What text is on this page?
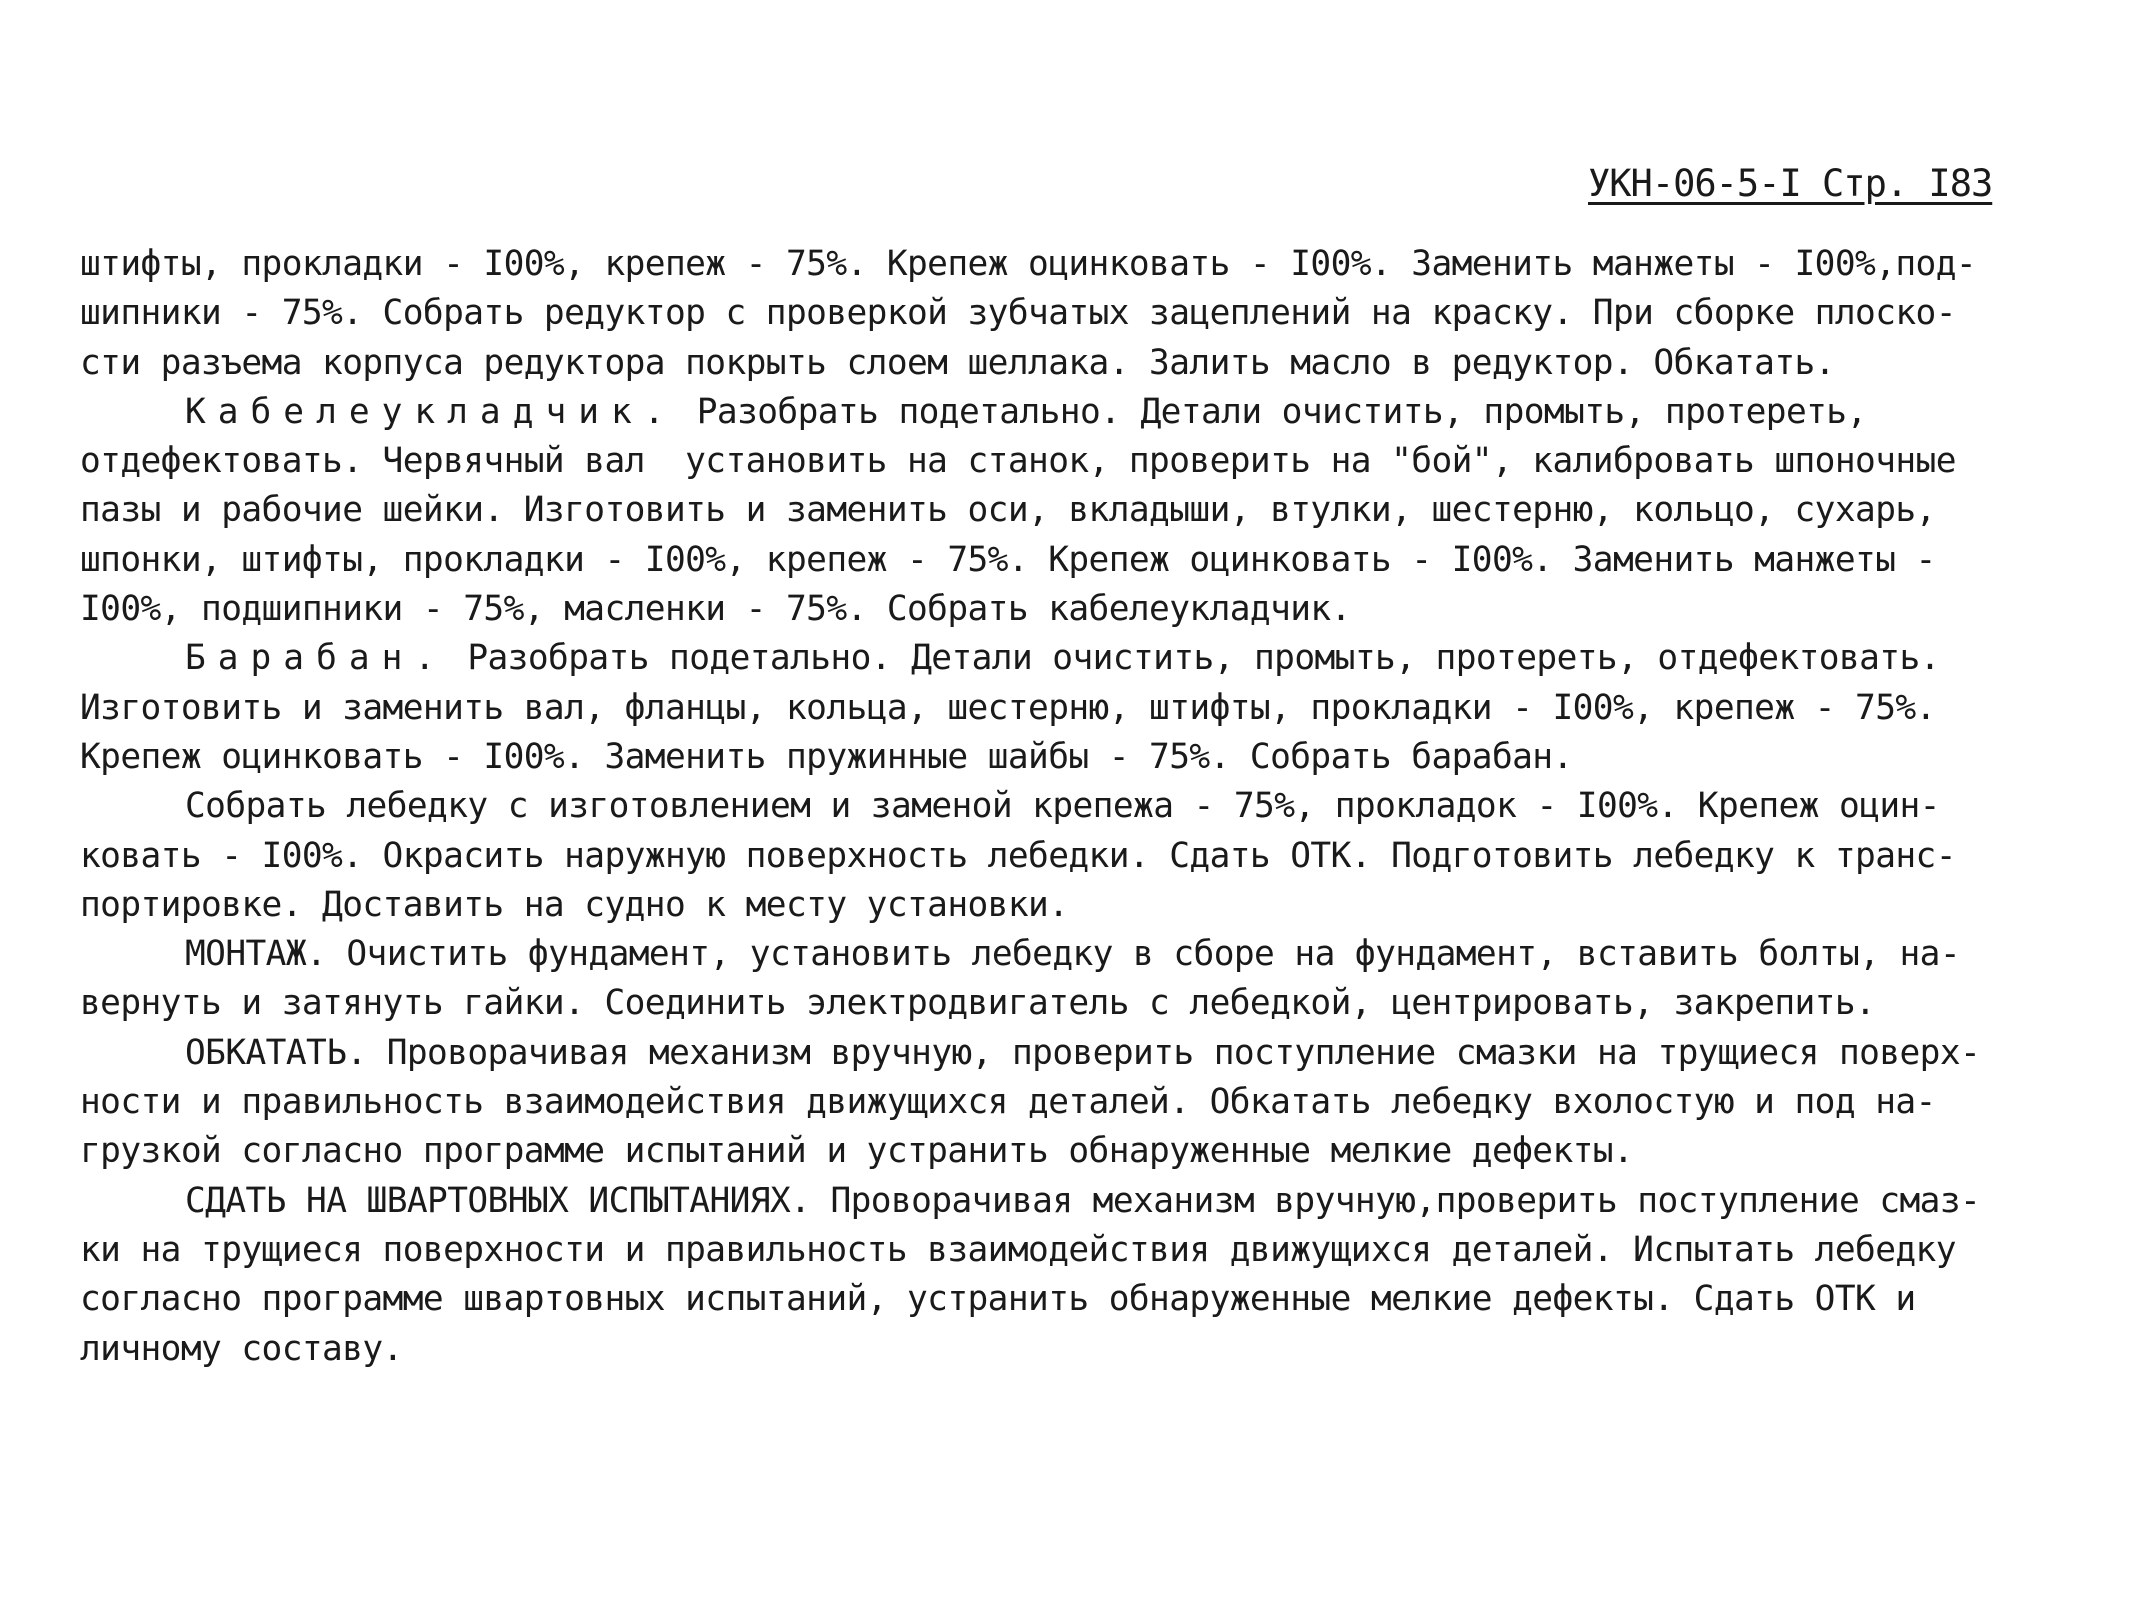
УКН-06-5-I Стр. I83
штифты, прокладки - I00%, крепеж - 75%. Крепеж оцинковать - I00%. Заменить манжеты - I00%,под-
шипники - 75%. Собрать редуктор с проверкой зубчатых зацеплений на краску. При сборке плоско-
сти разъема корпуса редуктора покрыть слоем шеллака. Залить масло в редуктор. Обкатать.
Кабелеукладчик. Разобрать подетально. Детали очистить, промыть, протереть,
отдефектовать. Червячный вал  установить на станок, проверить на "бой", калибровать шпоночные
пазы и рабочие шейки. Изготовить и заменить оси, вкладыши, втулки, шестерню, кольцо, сухарь,
шпонки, штифты, прокладки - I00%, крепеж - 75%. Крепеж оцинковать - I00%. Заменить манжеты -
I00%, подшипники - 75%, масленки - 75%. Собрать кабелеукладчик.
Барабан. Разобрать подетально. Детали очистить, промыть, протереть, отдефектовать.
Изготовить и заменить вал, фланцы, кольца, шестерню, штифты, прокладки - I00%, крепеж - 75%.
Крепеж оцинковать - I00%. Заменить пружинные шайбы - 75%. Собрать барабан.
Собрать лебедку с изготовлением и заменой крепежа - 75%, прокладок - I00%. Крепеж оцин-
ковать - I00%. Окрасить наружную поверхность лебедки. Сдать ОТК. Подготовить лебедку к транс-
портировке. Доставить на судно к месту установки.
МОНТАЖ. Очистить фундамент, установить лебедку в сборе на фундамент, вставить болты, на-
вернуть и затянуть гайки. Соединить электродвигатель с лебедкой, центрировать, закрепить.
ОБКАТАТЬ. Проворачивая механизм вручную, проверить поступление смазки на трущиеся поверх-
ности и правильность взаимодействия движущихся деталей. Обкатать лебедку вхолостую и под на-
грузкой согласно программе испытаний и устранить обнаруженные мелкие дефекты.
СДАТЬ НА ШВАРТОВНЫХ ИСПЫТАНИЯХ. Проворачивая механизм вручную,проверить поступление смаз-
ки на трущиеся поверхности и правильность взаимодействия движущихся деталей. Испытать лебедку
согласно программе швартовных испытаний, устранить обнаруженные мелкие дефекты. Сдать ОТК и
личному составу.
